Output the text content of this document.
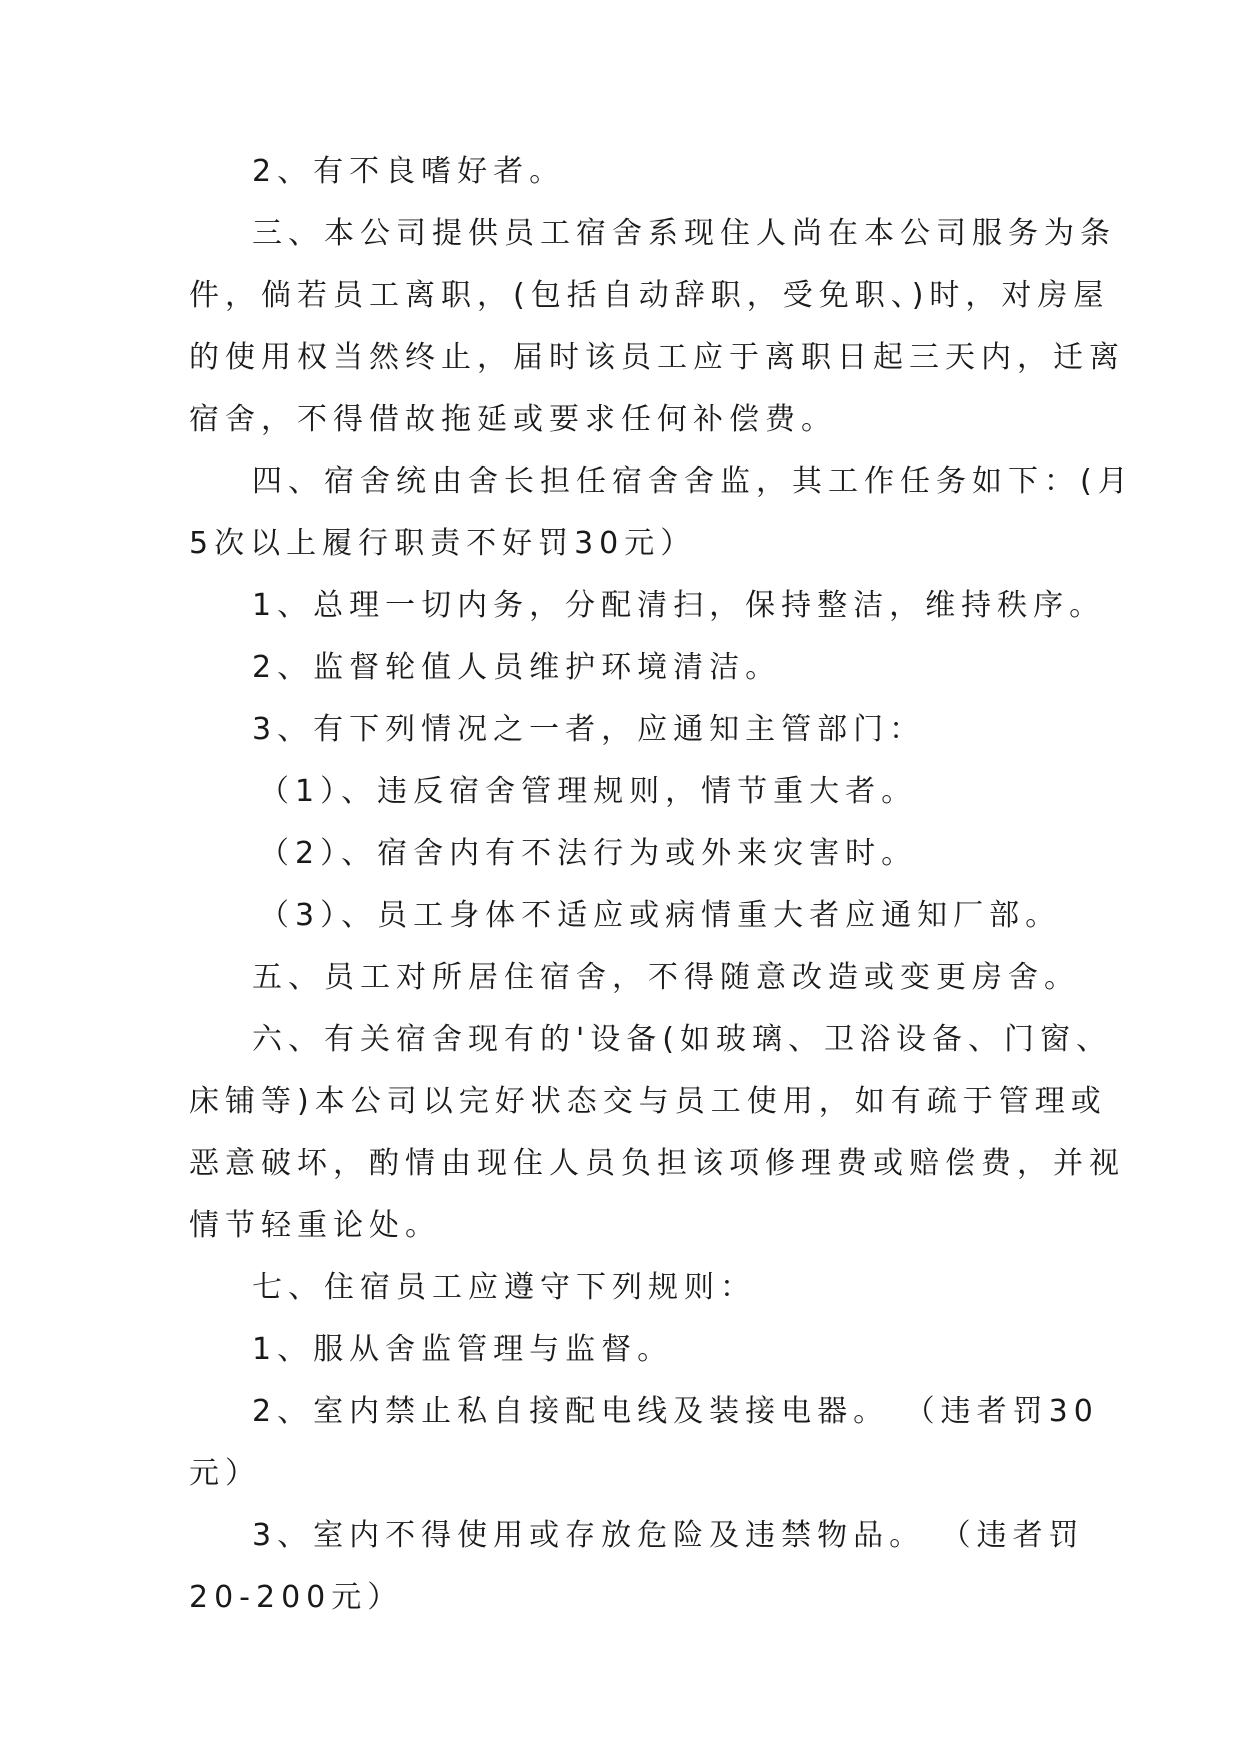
2、有不良嗜好者。
三、本公司提供员工宿舍系现住人尚在本公司服务为条
件，倘若员工离职，(包括自动辞职，受免职、)时，对房屋
的使用权当然终止，届时该员工应于离职日起三天内，迁离
宿舍，不得借故拖延或要求任何补偿费。
四、宿舍统由舍长担任宿舍舍监，其工作任务如下：(月
5次以上履行职责不好罚30元）
1、总理一切内务，分配清扫，保持整洁，维持秩序。
2、监督轮值人员维护环境清洁。
3、有下列情况之一者，应通知主管部门：
（1）、违反宿舍管理规则，情节重大者。
（2）、宿舍内有不法行为或外来灾害时。
（3）、员工身体不适应或病情重大者应通知厂部。
五、员工对所居住宿舍，不得随意改造或变更房舍。
六、有关宿舍现有的'设备(如玻璃、卫浴设备、门窗、
床铺等)本公司以完好状态交与员工使用，如有疏于管理或
恶意破坏，酌情由现住人员负担该项修理费或赔偿费，并视
情节轻重论处。
七、住宿员工应遵守下列规则：
1、服从舍监管理与监督。
2、室内禁止私自接配电线及装接电器。 （违者罚30
元）
3、室内不得使用或存放危险及违禁物品。 （违者罚
20-200元）
